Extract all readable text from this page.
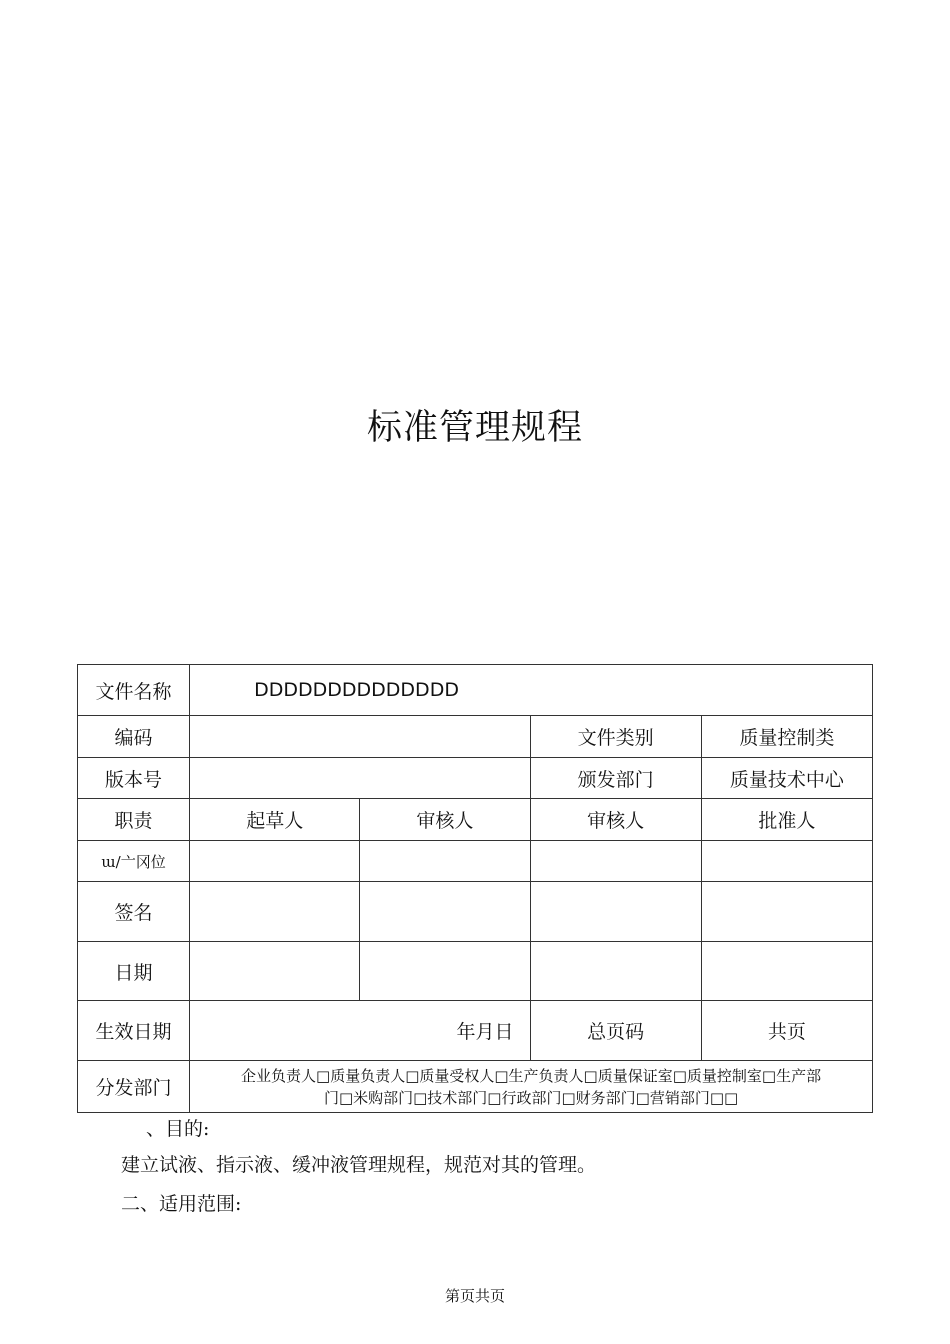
标准管理规程
文件名称	DDDDDDDDDDDDDD			
编码			文件类别	质量控制类
版本号			颁发部门	质量技术中心
职责	起草人	审核人	审核人	批准人
ɯ/亠冈位				
签名				
日期				
生效日期	年月日		总页码	共页
分发部门	企业负责人□质量负责人□质量受权人□生产负责人□质量保证室□质量控制室□生产部
门□米购部门□技术部门□行政部门□财务部门□营销部门□□			
、目的:
建立试液、指示液、缓冲液管理规程，规范对其的管理。
二、适用范围:
第页共页
